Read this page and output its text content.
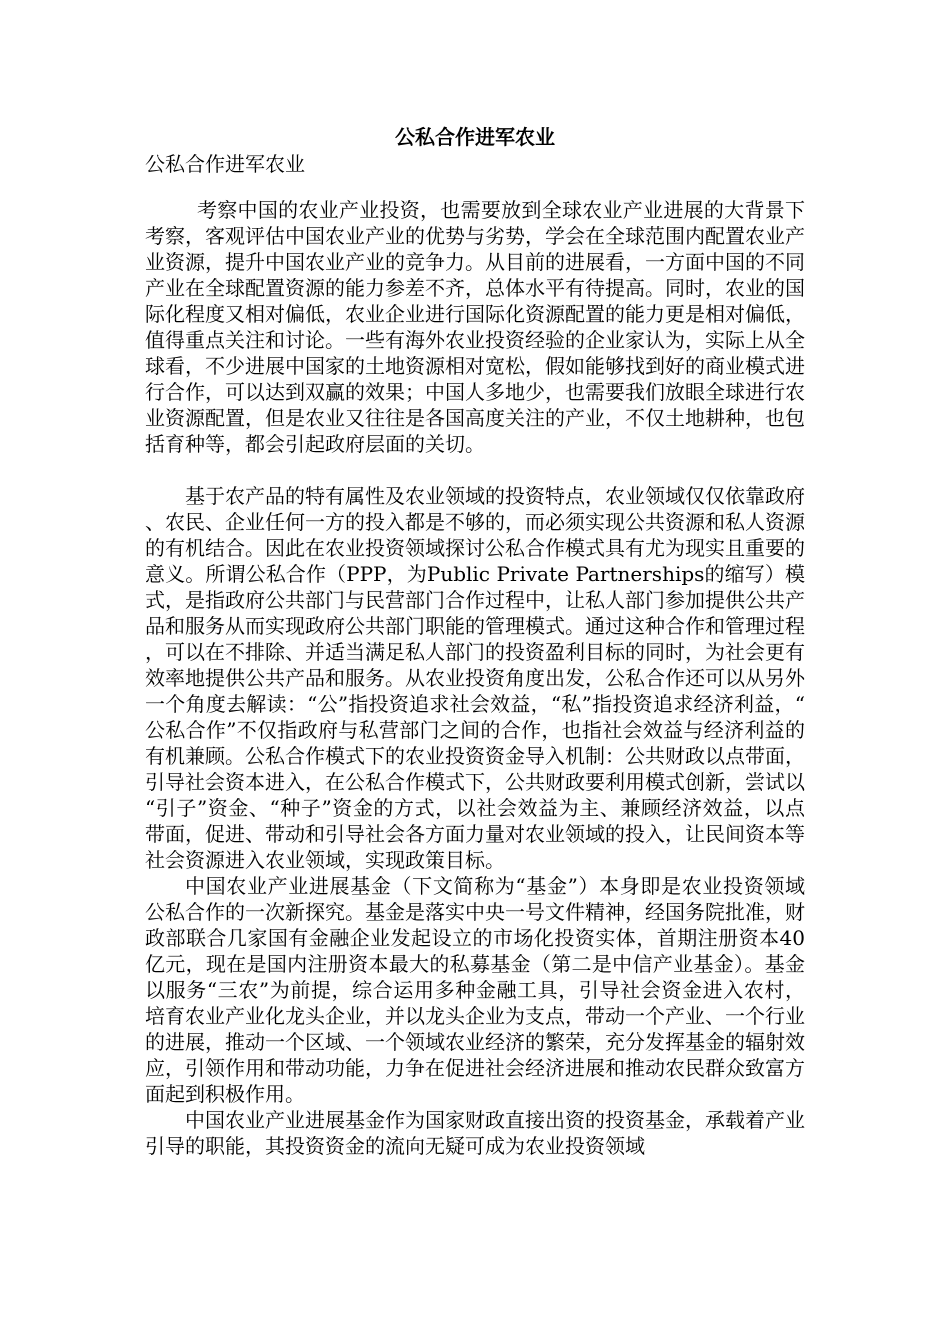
公私合作进军农业
公私合作进军农业

考察中国的农业产业投资，也需要放到全球农业产业进展的大背景下考察，客观评估中国农业产业的优势与劣势，学会在全球范围内配置农业产业资源，提升中国农业产业的竞争力。从目前的进展看，一方面中国的不同产业在全球配置资源的能力参差不齐，总体水平有待提高。同时，农业的国际化程度又相对偏低，农业企业进行国际化资源配置的能力更是相对偏低，值得重点关注和讨论。一些有海外农业投资经验的企业家认为，实际上从全球看，不少进展中国家的土地资源相对宽松，假如能够找到好的商业模式进行合作，可以达到双赢的效果；中国人多地少，也需要我们放眼全球进行农业资源配置，但是农业又往往是各国高度关注的产业，不仅土地耕种，也包括育种等，都会引起政府层面的关切。

基于农产品的特有属性及农业领域的投资特点，农业领域仅仅依靠政府、农民、企业任何一方的投入都是不够的，而必须实现公共资源和私人资源的有机结合。因此在农业投资领域探讨公私合作模式具有尤为现实且重要的意义。所谓公私合作（PPP，为Public Private Partnerships的缩写）模式，是指政府公共部门与民营部门合作过程中，让私人部门参加提供公共产品和服务从而实现政府公共部门职能的管理模式。通过这种合作和管理过程，可以在不排除、并适当满足私人部门的投资盈利目标的同时，为社会更有效率地提供公共产品和服务。从农业投资角度出发，公私合作还可以从另外一个角度去解读：“公”指投资追求社会效益，“私”指投资追求经济利益，“公私合作”不仅指政府与私营部门之间的合作，也指社会效益与经济利益的有机兼顾。公私合作模式下的农业投资资金导入机制：公共财政以点带面，引导社会资本进入，在公私合作模式下，公共财政要利用模式创新，尝试以“引子”资金、“种子”资金的方式，以社会效益为主、兼顾经济效益，以点带面，促进、带动和引导社会各方面力量对农业领域的投入，让民间资本等社会资源进入农业领域，实现政策目标。

中国农业产业进展基金（下文简称为“基金”）本身即是农业投资领域公私合作的一次新探究。基金是落实中央一号文件精神，经国务院批准，财政部联合几家国有金融企业发起设立的市场化投资实体，首期注册资本40亿元，现在是国内注册资本最大的私募基金（第二是中信产业基金）。基金以服务“三农”为前提，综合运用多种金融工具，引导社会资金进入农村，培育农业产业化龙头企业，并以龙头企业为支点，带动一个产业、一个行业的进展，推动一个区域、一个领域农业经济的繁荣，充分发挥基金的辐射效应，引领作用和带动功能，力争在促进社会经济进展和推动农民群众致富方面起到积极作用。

中国农业产业进展基金作为国家财政直接出资的投资基金，承载着产业引导的职能，其投资资金的流向无疑可成为农业投资领域
